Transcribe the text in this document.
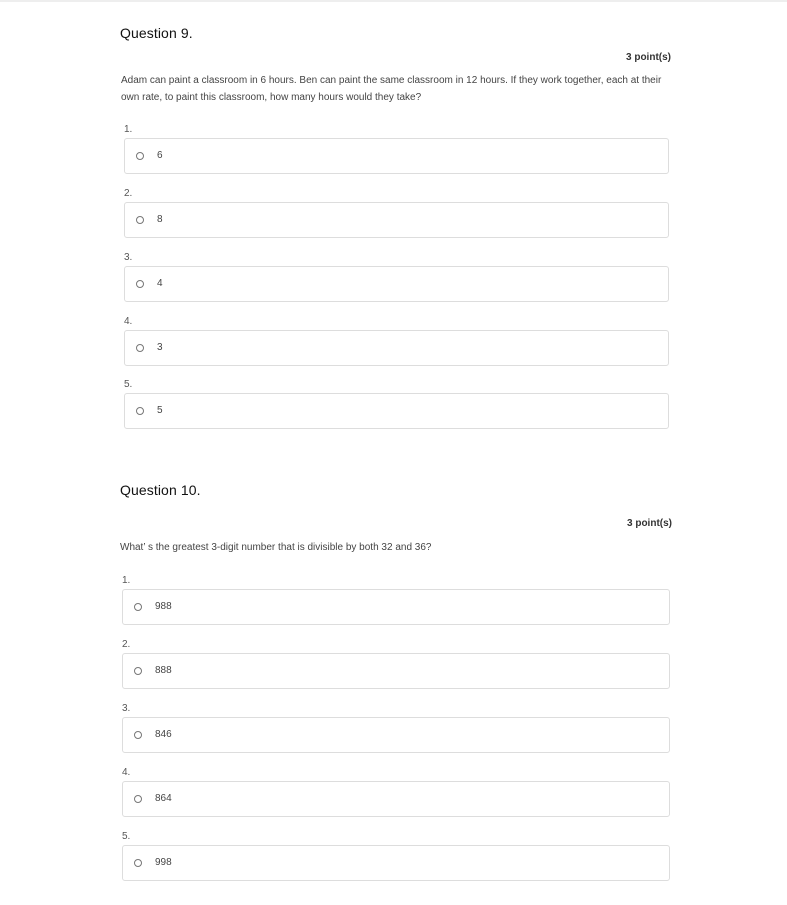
Question 9.
3 point(s)
Adam can paint a classroom in 6 hours. Ben can paint the same classroom in 12 hours. If they work together, each at their own rate, to paint this classroom, how many hours would they take?
1.
6
2.
8
3.
4
4.
3
5.
5
Question 10.
3 point(s)
What’ s the greatest 3-digit number that is divisible by both 32 and 36?
1.
988
2.
888
3.
846
4.
864
5.
998
